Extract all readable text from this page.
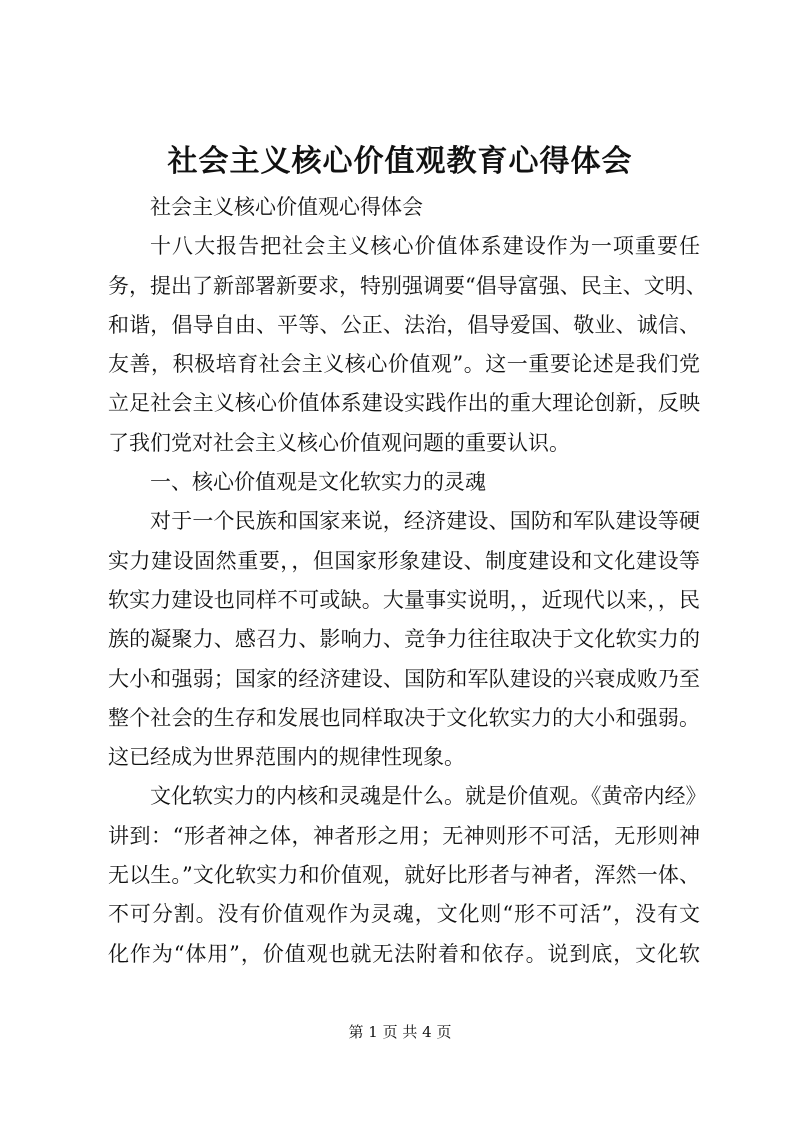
社会主义核心价值观教育心得体会
社会主义核心价值观心得体会
十八大报告把社会主义核心价值体系建设作为一项重要任
务，提出了新部署新要求，特别强调要“倡导富强、民主、文明、
和谐，倡导自由、平等、公正、法治，倡导爱国、敬业、诚信、
友善，积极培育社会主义核心价值观”。这一重要论述是我们党
立足社会主义核心价值体系建设实践作出的重大理论创新，反映
了我们党对社会主义核心价值观问题的重要认识。
一、核心价值观是文化软实力的灵魂
对于一个民族和国家来说，经济建设、国防和军队建设等硬
实力建设固然重要，，但国家形象建设、制度建设和文化建设等
软实力建设也同样不可或缺。大量事实说明，，近现代以来，，民
族的凝聚力、感召力、影响力、竞争力往往取决于文化软实力的
大小和强弱；国家的经济建设、国防和军队建设的兴衰成败乃至
整个社会的生存和发展也同样取决于文化软实力的大小和强弱。
这已经成为世界范围内的规律性现象。
文化软实力的内核和灵魂是什么。就是价值观。《黄帝内经》
讲到：“形者神之体，神者形之用；无神则形不可活，无形则神
无以生。”文化软实力和价值观，就好比形者与神者，浑然一体、
不可分割。没有价值观作为灵魂，文化则“形不可活”，没有文
化作为“体用”，价值观也就无法附着和依存。说到底，文化软
第 1 页 共 4 页
